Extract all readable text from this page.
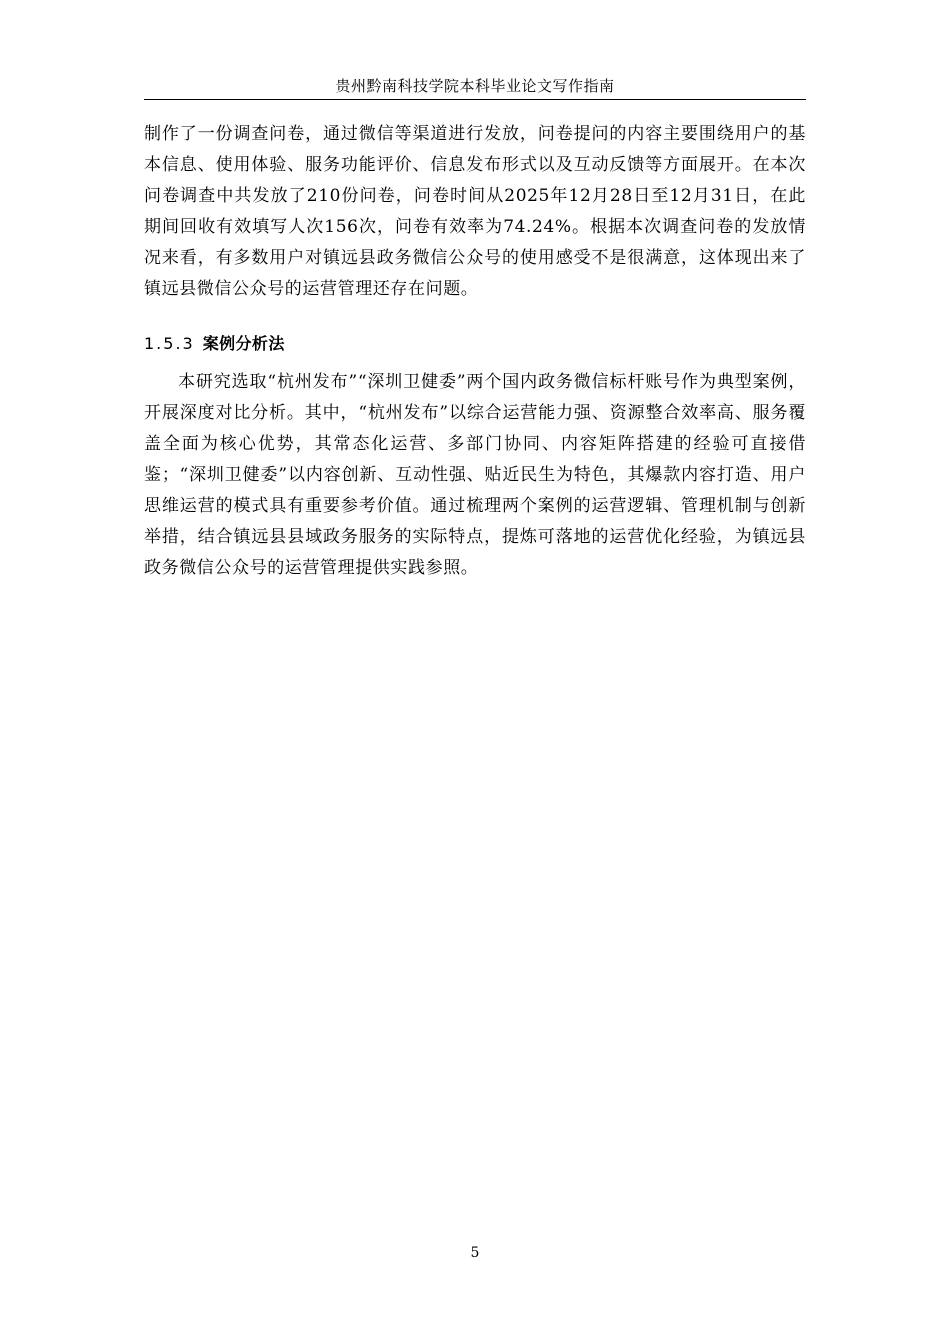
贵州黔南科技学院本科毕业论文写作指南

制作了一份调查问卷，通过微信等渠道进行发放，问卷提问的内容主要围绕用户的基本信息、使用体验、服务功能评价、信息发布形式以及互动反馈等方面展开。在本次问卷调查中共发放了210份问卷，问卷时间从2025年12月28日至12月31日，在此期间回收有效填写人次156次，问卷有效率为74.24%。根据本次调查问卷的发放情况来看，有多数用户对镇远县政务微信公众号的使用感受不是很满意，这体现出来了镇远县微信公众号的运营管理还存在问题。

1.5.3 案例分析法

本研究选取“杭州发布”“深圳卫健委”两个国内政务微信标杆账号作为典型案例，开展深度对比分析。其中，“杭州发布”以综合运营能力强、资源整合效率高、服务覆盖全面为核心优势，其常态化运营、多部门协同、内容矩阵搭建的经验可直接借鉴；“深圳卫健委”以内容创新、互动性强、贴近民生为特色，其爆款内容打造、用户思维运营的模式具有重要参考价值。通过梳理两个案例的运营逻辑、管理机制与创新举措，结合镇远县县域政务服务的实际特点，提炼可落地的运营优化经验，为镇远县政务微信公众号的运营管理提供实践参照。

5
